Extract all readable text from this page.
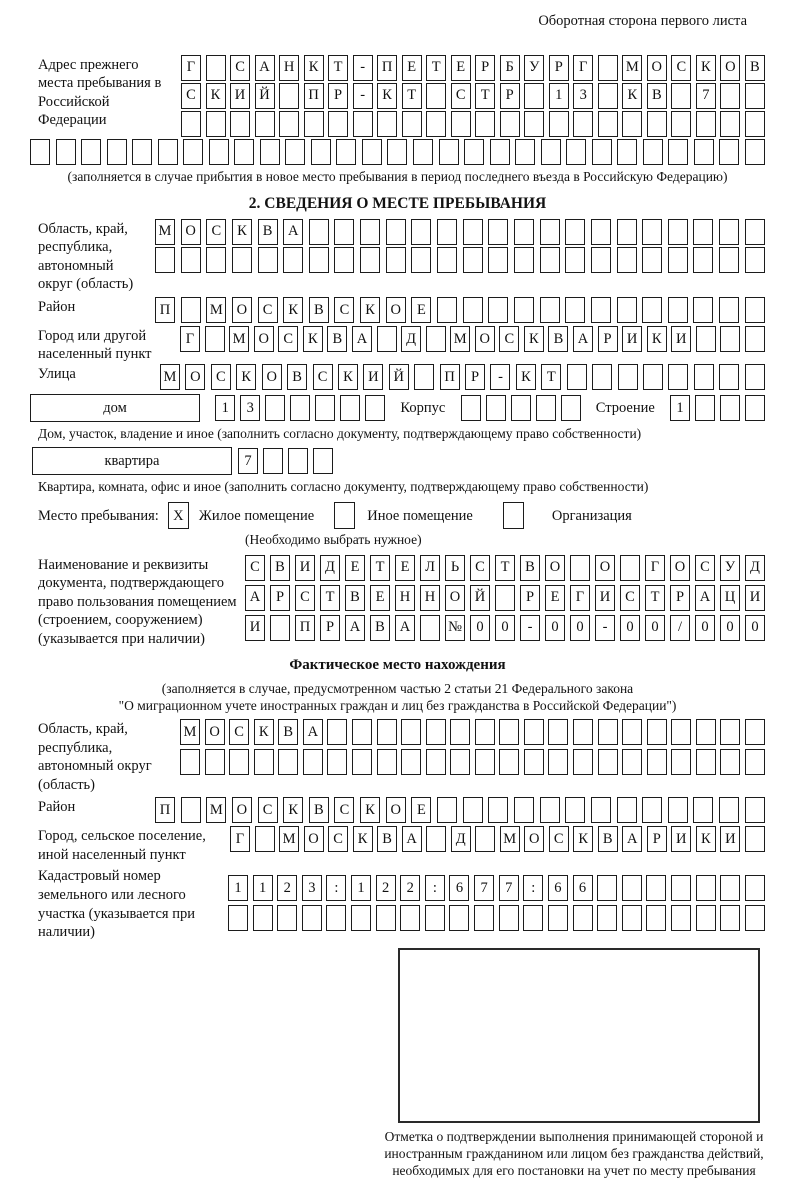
Оборотная сторона первого листа
Адрес прежнего места пребывания в Российской Федерации
Г	С А Н К	Т	-	П	Е	Т	Е	Р	Б	У	Р	Г	М О С	К О В
С	К И Й	П	Р	-	К	Т	С	Т	Р	1	3	К	В	7
(заполняется в случае прибытия в новое место пребывания в период последнего въезда в Российскую Федерацию)
2. СВЕДЕНИЯ О МЕСТЕ ПРЕБЫВАНИЯ
Область, край, республика, автономный округ (область)
М О	С	К	В	А
Район	П	М О	С	К	В	С	К	О	Е
Город или другой населенный пункт
Г	М О С	К	В А	Д	М О С	К	В А	Р	И К И
Улица	М О	С	К	О	В	С	К	И	Й	П	Р	-	К	Т
дом	1	3	Корпус	Строение	1
Дом, участок, владение и иное (заполнить согласно документу, подтверждающему право собственности)
квартира	7
Квартира, комната, офис и иное (заполнить согласно документу, подтверждающему право собственности)
Место пребывания: X	Жилое помещение	Иное помещение	Организация
(Необходимо выбрать нужное)
Наименование и реквизиты документа, подтверждающего право пользования помещением (строением, сооружением) (указывается при наличии)
С	В	И	Д	Е	Т	Е	Л	Ь	С	Т	В	О	О	Г	О	С	У	Д
А	Р	С	Т	В	Е	Н	Н	О	Й	Р	Е	Г	И	С	Т	Р	А	Ц	И
И	П	Р	А	В	А	№ 0	0	-	0	0	-	0	0	/	0	0	0
Фактическое место нахождения
(заполняется в случае, предусмотренном частью 2 статьи 21 Федерального закона
"О миграционном учете иностранных граждан и лиц без гражданства в Российской Федерации")
Область, край, республика, автономный округ (область)
М О С	К	В А
Район	П	М О	С	К	В	С	К	О	Е
Город, сельское поселение, иной населенный пункт
Г	М О С	К	В А	Д	М О С	К	В А	Р	И К И
Кадастровый номер земельного или лесного участка (указывается при наличии)
1	1	2	3	:	1	2	2	:	6	7	7	:	6	6
Отметка о подтверждении выполнения принимающей стороной и иностранным гражданином или лицом без гражданства действий, необходимых для его постановки на учет по месту пребывания
